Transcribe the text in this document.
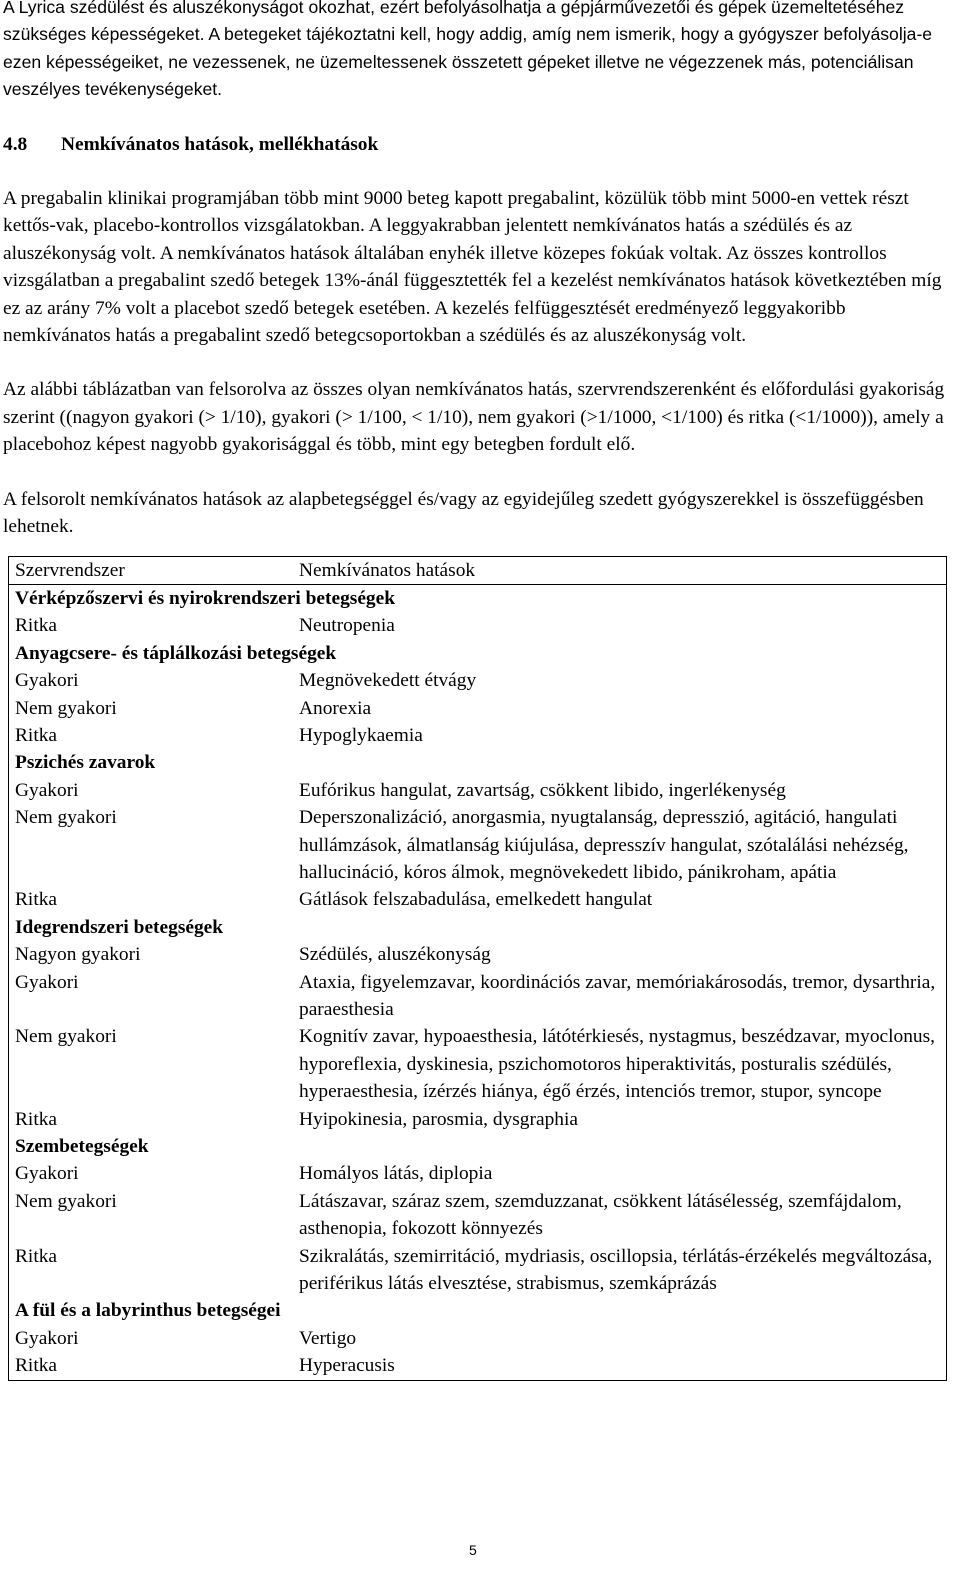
A Lyrica szédülést és aluszékonyságot okozhat, ezért befolyásolhatja a gépjárművezetői és gépek üzemeltetéséhez szükséges képességeket. A betegeket tájékoztatni kell, hogy addig, amíg nem ismerik, hogy a gyógyszer befolyásolja-e ezen képességeiket, ne vezessenek, ne üzemeltessenek összetett gépeket illetve ne végezzenek más, potenciálisan veszélyes tevékenységeket.

4.8	Nemkívánatos hatások, mellékhatások

A pregabalin klinikai programjában több mint 9000 beteg kapott pregabalint, közülük több mint 5000-en vettek részt kettős-vak, placebo-kontrollos vizsgálatokban. A leggyakrabban jelentett nemkívánatos hatás a szédülés és az aluszékonyság volt. A nemkívánatos hatások általában enyhék illetve közepes fokúak voltak. Az összes kontrollos vizsgálatban a pregabalint szedő betegek 13%-ánál függesztették fel a kezelést nemkívánatos hatások következtében míg ez az arány 7% volt a placebot szedő betegek esetében. A kezelés felfüggesztését eredményező leggyakoribb nemkívánatos hatás a pregabalint szedő betegcsoportokban a szédülés és az aluszékonyság volt.

Az alábbi táblázatban van felsorolva az összes olyan nemkívánatos hatás, szervrendszerenként és előfordulási gyakoriság szerint ((nagyon gyakori (> 1/10), gyakori (> 1/100, < 1/10), nem gyakori (>1/1000, <1/100) és ritka (<1/1000)), amely a placebohoz képest nagyobb gyakorisággal és több, mint egy betegben fordult elő.

A felsorolt nemkívánatos hatások az alapbetegséggel és/vagy az egyidejűleg szedett gyógyszerekkel is összefüggésben lehetnek.

Szervrendszer	Nemkívánatos hatások
Vérképzőszervi és nyirokrendszeri betegségek	
Ritka	Neutropenia
Anyagcsere- és táplálkozási betegségek	
Gyakori	Megnövekedett étvágy
Nem gyakori	Anorexia
Ritka	Hypoglykaemia
Pszichés zavarok	
Gyakori	Eufórikus hangulat, zavartság, csökkent libido, ingerlékenység
Nem gyakori	Deperszonalizáció, anorgasmia, nyugtalanság, depresszió, agitáció, hangulati hullámzások, álmatlanság kiújulása, depresszív hangulat, szótalálási nehézség, hallucináció, kóros álmok, megnövekedett libido, pánikroham, apátia
Ritka	Gátlások felszabadulása, emelkedett hangulat
Idegrendszeri betegségek	
Nagyon gyakori	Szédülés, aluszékonyság
Gyakori	Ataxia, figyelemzavar, koordinációs zavar, memóriakárosodás, tremor, dysarthria, paraesthesia
Nem gyakori	Kognitív zavar, hypoaesthesia, látótérkiesés, nystagmus, beszédzavar, myoclonus, hyporeflexia, dyskinesia, pszichomotoros hiperaktivitás, posturalis szédülés, hyperaesthesia, ízérzés hiánya, égő érzés, intenciós tremor, stupor, syncope
Ritka	Hyipokinesia, parosmia, dysgraphia
Szembetegségek	
Gyakori	Homályos látás, diplopia
Nem gyakori	Látászavar, száraz szem, szemduzzanat, csökkent látásélesség, szemfájdalom, asthenopia, fokozott könnyezés
Ritka	Szikralátás, szemirritáció, mydriasis, oscillopsia, térlátás-érzékelés megváltozása, periférikus látás elvesztése, strabismus, szemkáprázás
A fül és a labyrinthus betegségei	
Gyakori	Vertigo
Ritka	Hyperacusis
5
